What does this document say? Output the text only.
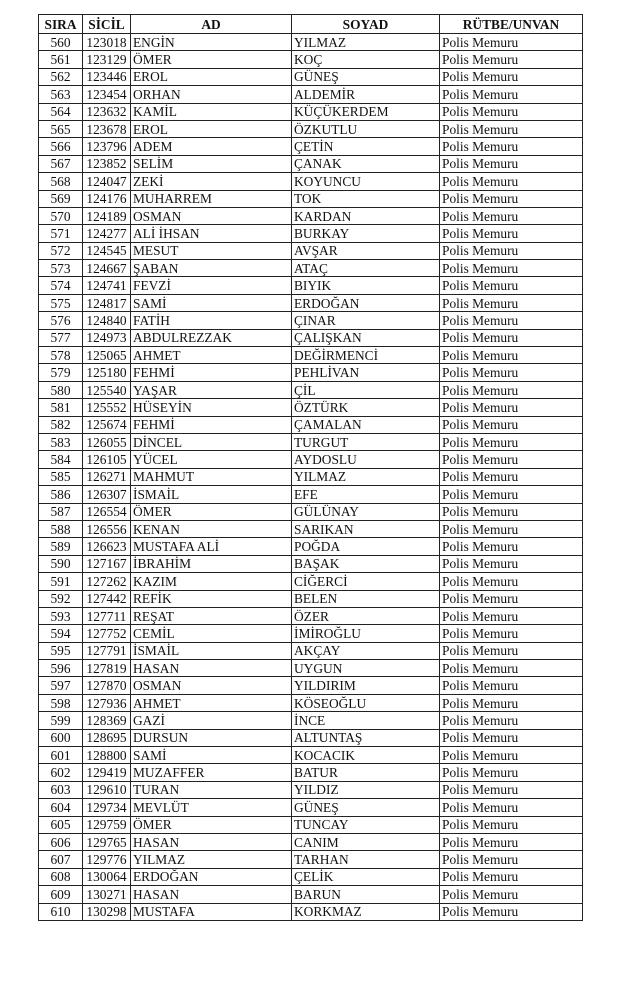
SIRA	SİCİL	AD	SOYAD	RÜTBE/UNVAN
560	123018	ENGİN	YILMAZ	Polis Memuru
561	123129	ÖMER	KOÇ	Polis Memuru
562	123446	EROL	GÜNEŞ	Polis Memuru
563	123454	ORHAN	ALDEMİR	Polis Memuru
564	123632	KAMİL	KÜÇÜKERDEM	Polis Memuru
565	123678	EROL	ÖZKUTLU	Polis Memuru
566	123796	ADEM	ÇETİN	Polis Memuru
567	123852	SELİM	ÇANAK	Polis Memuru
568	124047	ZEKİ	KOYUNCU	Polis Memuru
569	124176	MUHARREM	TOK	Polis Memuru
570	124189	OSMAN	KARDAN	Polis Memuru
571	124277	ALİ İHSAN	BURKAY	Polis Memuru
572	124545	MESUT	AVŞAR	Polis Memuru
573	124667	ŞABAN	ATAÇ	Polis Memuru
574	124741	FEVZİ	BIYIK	Polis Memuru
575	124817	SAMİ	ERDOĞAN	Polis Memuru
576	124840	FATİH	ÇINAR	Polis Memuru
577	124973	ABDULREZZAK	ÇALIŞKAN	Polis Memuru
578	125065	AHMET	DEĞİRMENCİ	Polis Memuru
579	125180	FEHMİ	PEHLİVAN	Polis Memuru
580	125540	YAŞAR	ÇİL	Polis Memuru
581	125552	HÜSEYİN	ÖZTÜRK	Polis Memuru
582	125674	FEHMİ	ÇAMALAN	Polis Memuru
583	126055	DİNCEL	TURGUT	Polis Memuru
584	126105	YÜCEL	AYDOSLU	Polis Memuru
585	126271	MAHMUT	YILMAZ	Polis Memuru
586	126307	İSMAİL	EFE	Polis Memuru
587	126554	ÖMER	GÜLÜNAY	Polis Memuru
588	126556	KENAN	SARIKAN	Polis Memuru
589	126623	MUSTAFA ALİ	POĞDA	Polis Memuru
590	127167	İBRAHİM	BAŞAK	Polis Memuru
591	127262	KAZIM	CİĞERCİ	Polis Memuru
592	127442	REFİK	BELEN	Polis Memuru
593	127711	REŞAT	ÖZER	Polis Memuru
594	127752	CEMİL	İMİROĞLU	Polis Memuru
595	127791	İSMAİL	AKÇAY	Polis Memuru
596	127819	HASAN	UYGUN	Polis Memuru
597	127870	OSMAN	YILDIRIM	Polis Memuru
598	127936	AHMET	KÖSEOĞLU	Polis Memuru
599	128369	GAZİ	İNCE	Polis Memuru
600	128695	DURSUN	ALTUNTAŞ	Polis Memuru
601	128800	SAMİ	KOCACIK	Polis Memuru
602	129419	MUZAFFER	BATUR	Polis Memuru
603	129610	TURAN	YILDIZ	Polis Memuru
604	129734	MEVLÜT	GÜNEŞ	Polis Memuru
605	129759	ÖMER	TUNCAY	Polis Memuru
606	129765	HASAN	CANIM	Polis Memuru
607	129776	YILMAZ	TARHAN	Polis Memuru
608	130064	ERDOĞAN	ÇELİK	Polis Memuru
609	130271	HASAN	BARUN	Polis Memuru
610	130298	MUSTAFA	KORKMAZ	Polis Memuru
